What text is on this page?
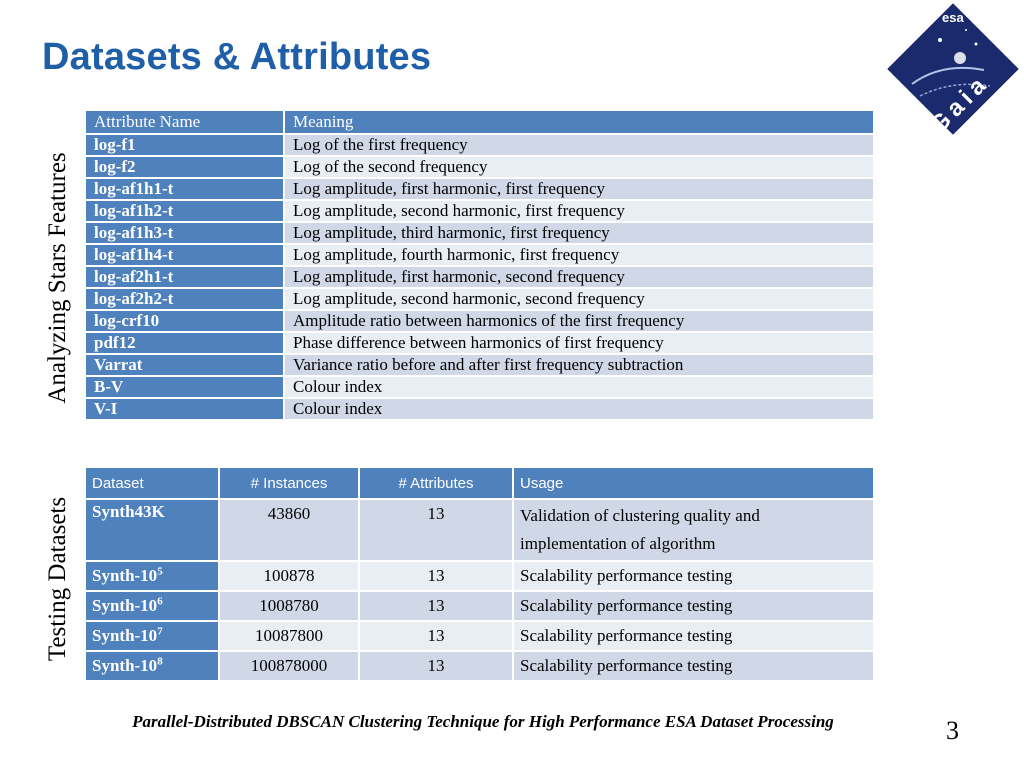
Datasets & Attributes
esa
Gaia
Analyzing Stars Features
Testing Datasets
Attribute Name	Meaning
log-f1	Log of the first frequency
log-f2	Log of the second frequency
log-af1h1-t	Log amplitude, first harmonic, first frequency
log-af1h2-t	Log amplitude, second harmonic, first frequency
log-af1h3-t	Log amplitude, third harmonic, first frequency
log-af1h4-t	Log amplitude, fourth harmonic, first frequency
log-af2h1-t	Log amplitude, first harmonic, second frequency
log-af2h2-t	Log amplitude, second harmonic, second frequency
log-crf10	Amplitude ratio between harmonics of the first frequency
pdf12	Phase difference between harmonics of first frequency
Varrat	Variance ratio before and after first frequency subtraction
B-V	Colour index
V-I	Colour index
Dataset	# Instances	# Attributes	Usage
Synth43K	43860	13	Validation of clustering quality and implementation of algorithm
Synth-$10^5$	100878	13	Scalability performance testing
Synth-$10^6$	1008780	13	Scalability performance testing
Synth-$10^7$	10087800	13	Scalability performance testing
Synth-$10^8$	100878000	13	Scalability performance testing
Parallel-Distributed DBSCAN Clustering Technique for High Performance ESA Dataset Processing	3
